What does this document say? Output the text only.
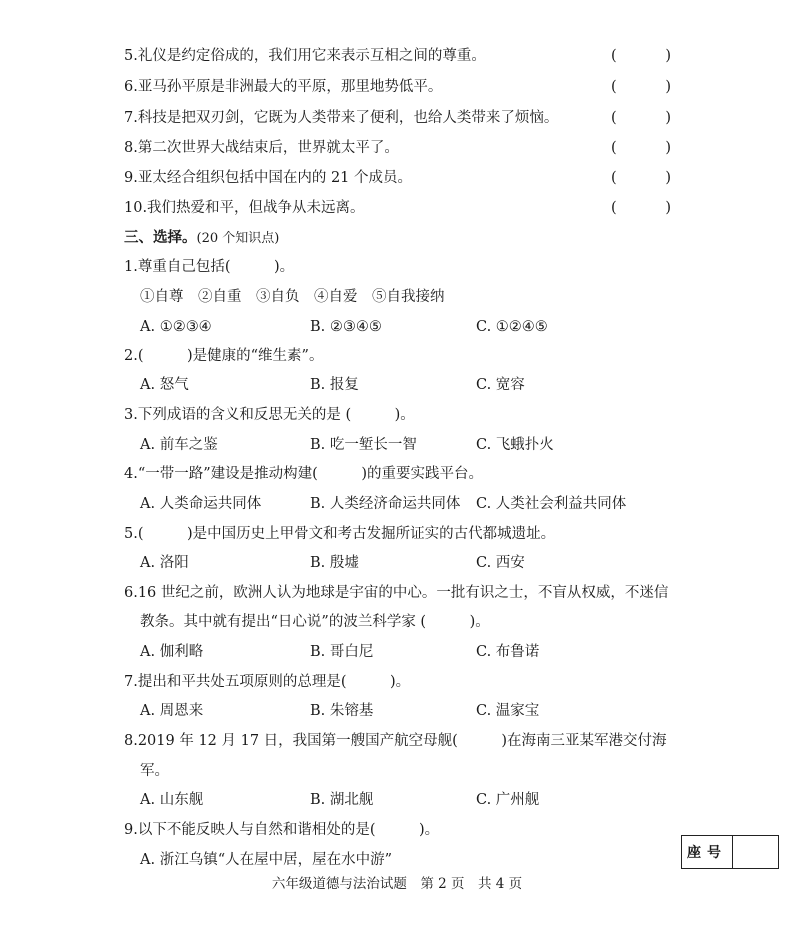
5.礼仪是约定俗成的，我们用它来表示互相之间的尊重。	(	)
6.亚马孙平原是非洲最大的平原，那里地势低平。	(	)
7.科技是把双刃剑，它既为人类带来了便利，也给人类带来了烦恼。	(	)
8.第二次世界大战结束后，世界就太平了。	(	)
9.亚太经合组织包括中国在内的 21 个成员。	(	)
10.我们热爱和平，但战争从未远离。	(	)
三、选择。(20 个知识点)
1.尊重自己包括(　　　)。
①自尊　②自重　③自负　④自爱　⑤自我接纳
A. ①②③④	B. ②③④⑤	C. ①②④⑤
2.(　　　)是健康的“维生素”。
A. 怒气	B. 报复	C. 宽容
3.下列成语的含义和反思无关的是 (　　　)。
A. 前车之鉴	B. 吃一堑长一智	C. 飞蛾扑火
4.“一带一路”建设是推动构建(　　　)的重要实践平台。
A. 人类命运共同体	B. 人类经济命运共同体 C. 人类社会利益共同体
5.(　　　)是中国历史上甲骨文和考古发掘所证实的古代都城遗址。
A. 洛阳	B. 殷墟	C. 西安
6.16 世纪之前，欧洲人认为地球是宇宙的中心。一批有识之士，不盲从权威，不迷信
教条。其中就有提出“日心说”的波兰科学家 (　　　)。
A. 伽利略	B. 哥白尼	C. 布鲁诺
7.提出和平共处五项原则的总理是(　　　)。
A. 周恩来	B. 朱镕基	C. 温家宝
8.2019 年 12 月 17 日，我国第一艘国产航空母舰(　　　)在海南三亚某军港交付海
军。
A. 山东舰	B. 湖北舰	C. 广州舰
9.以下不能反映人与自然和谐相处的是(　　　)。
A. 浙江乌镇“人在屋中居，屋在水中游”	座号
六年级道德与法治试题　第 2 页　共 4 页
